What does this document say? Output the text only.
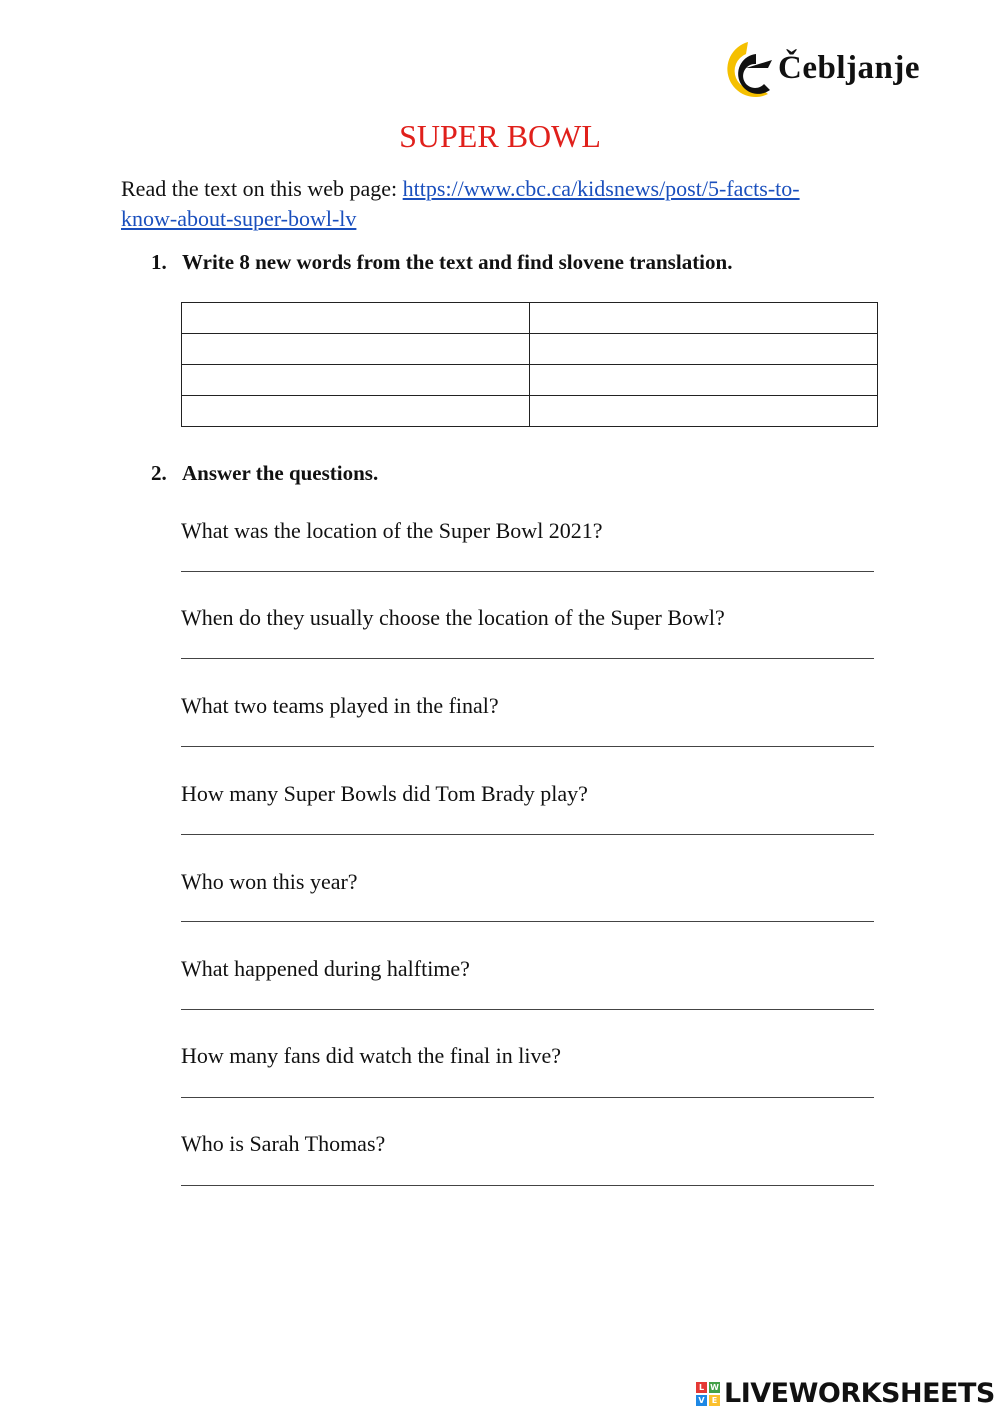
Čebljanje
SUPER BOWL
Read the text on this web page: https://www.cbc.ca/kidsnews/post/5-facts-to-
know-about-super-bowl-lv
1. Write 8 new words from the text and find slovene translation.

2. Answer the questions.
What was the location of the Super Bowl 2021?
When do they usually choose the location of the Super Bowl?
What two teams played in the final?
How many Super Bowls did Tom Brady play?
Who won this year?
What happened during halftime?
How many fans did watch the final in live?
Who is Sarah Thomas?
L W
V E LIVEWORKSHEETS
